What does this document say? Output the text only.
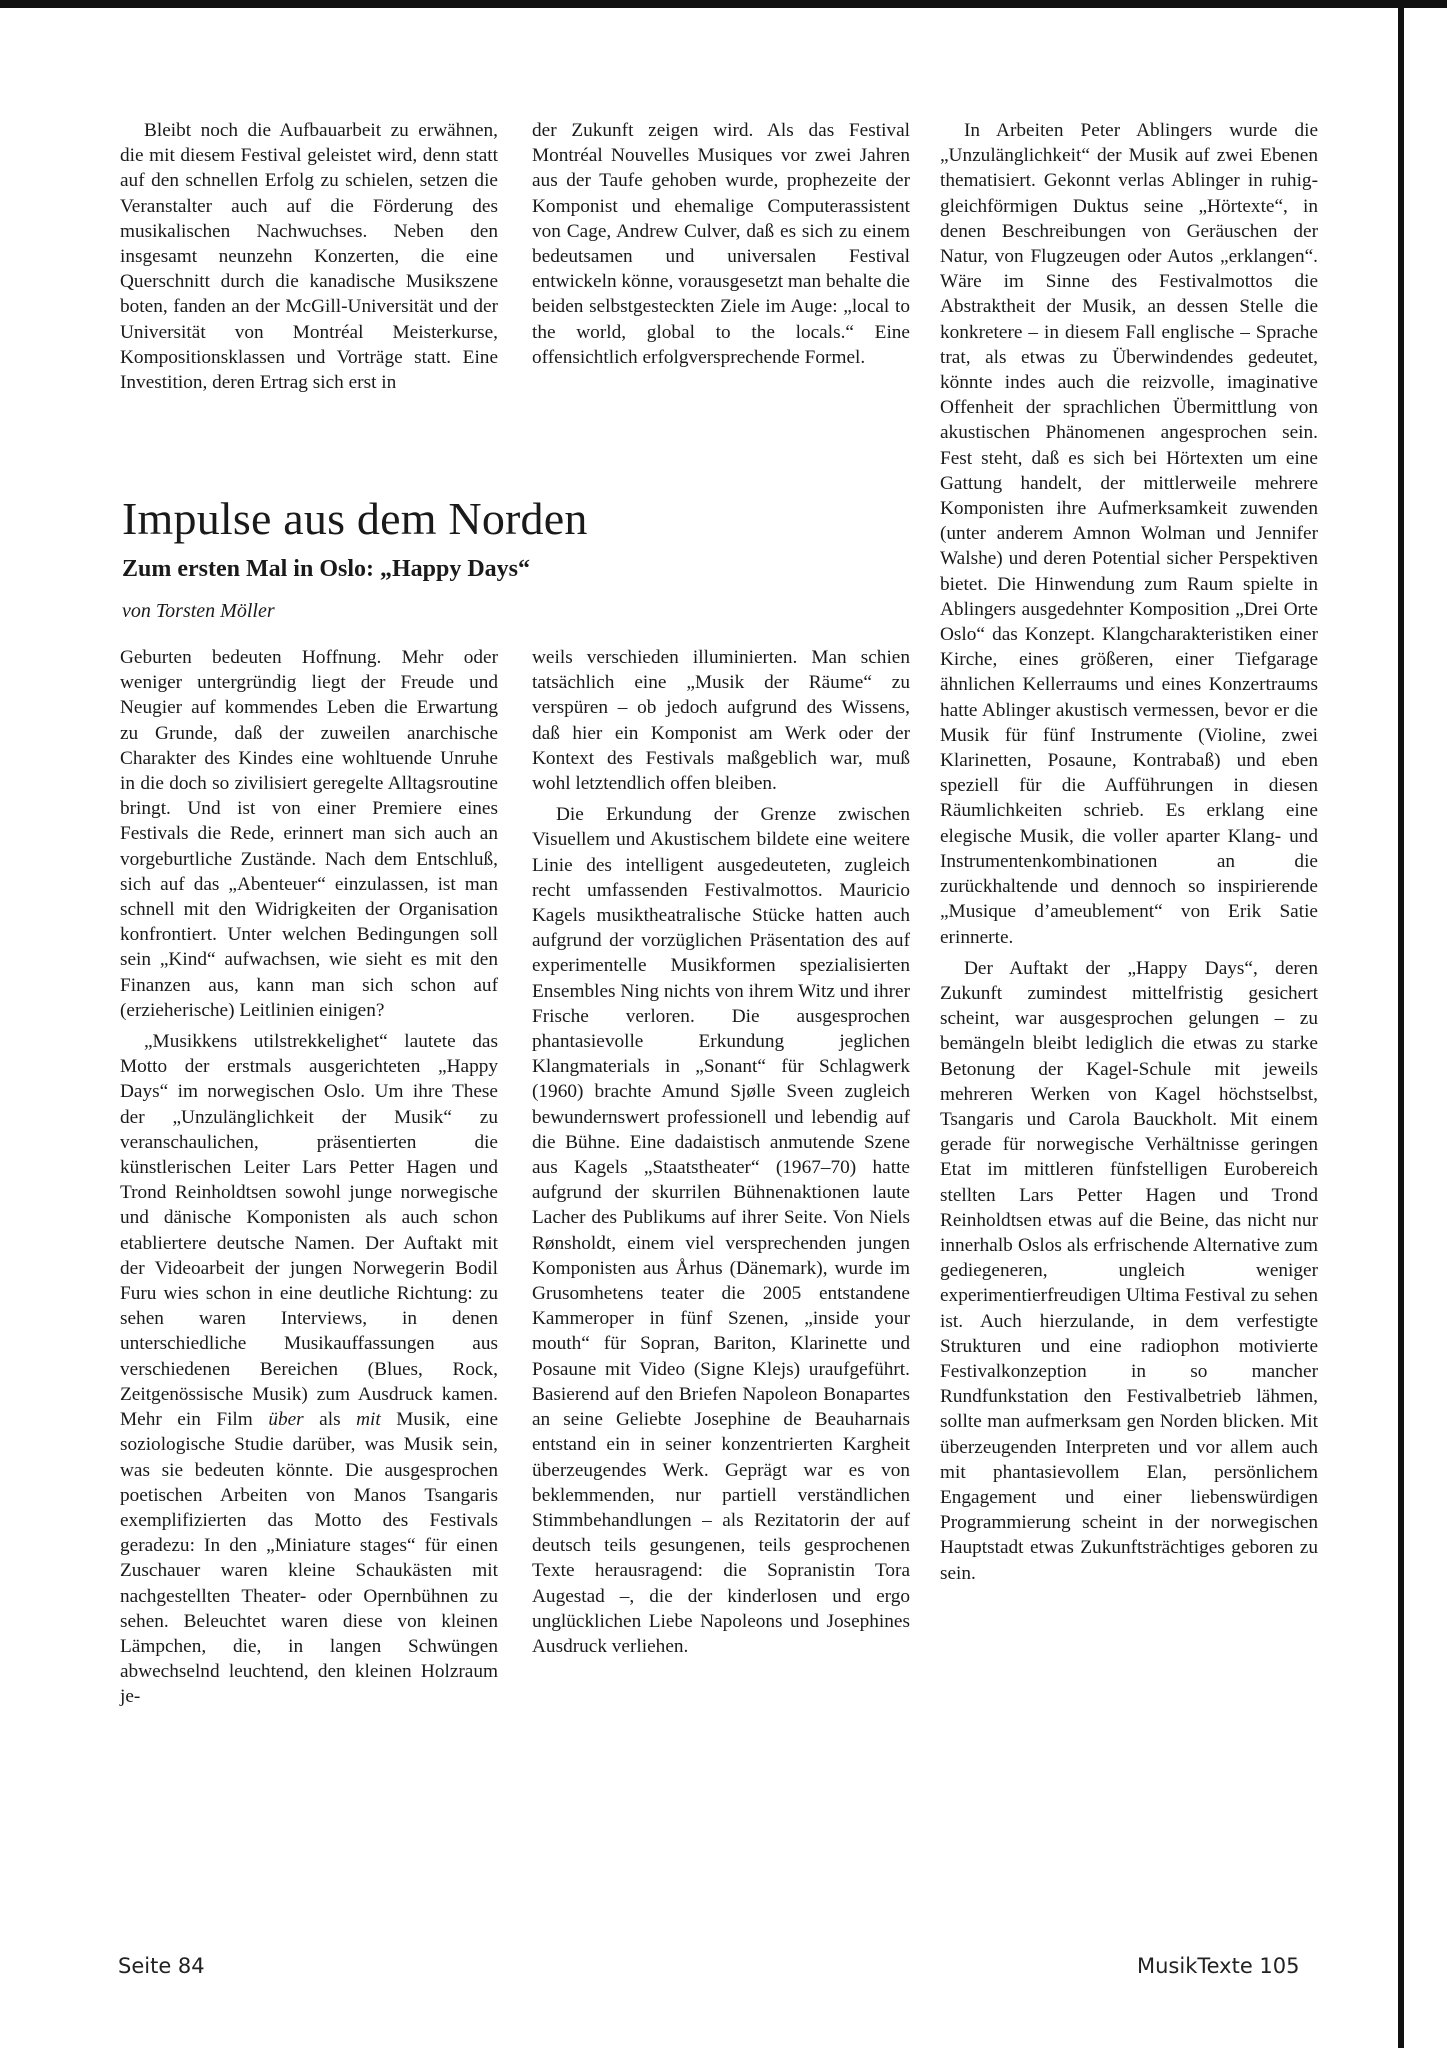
Bleibt noch die Aufbauarbeit zu erwähnen, die mit diesem Festival geleistet wird, denn statt auf den schnellen Erfolg zu schielen, setzen die Veranstalter auch auf die Förderung des musikalischen Nachwuchses. Neben den insgesamt neunzehn Konzerten, die eine Querschnitt durch die kanadische Musikszene boten, fanden an der McGill-Universität und der Universität von Montréal Meisterkurse, Kompositionsklassen und Vorträge statt. Eine Investition, deren Ertrag sich erst in

der Zukunft zeigen wird. Als das Festival Montréal Nouvelles Musiques vor zwei Jahren aus der Taufe gehoben wurde, prophezeite der Komponist und ehemalige Computerassistent von Cage, Andrew Culver, daß es sich zu einem bedeutsamen und universalen Festival entwickeln könne, vorausgesetzt man behalte die beiden selbstgesteckten Ziele im Auge: „local to the world, global to the locals.“ Eine offensichtlich erfolgversprechende Formel.

Impulse aus dem Norden
Zum ersten Mal in Oslo: „Happy Days“
von Torsten Möller

Geburten bedeuten Hoffnung. Mehr oder weniger untergründig liegt der Freude und Neugier auf kommendes Leben die Erwartung zu Grunde, daß der zuweilen anarchische Charakter des Kindes eine wohltuende Unruhe in die doch so zivilisiert geregelte Alltagsroutine bringt. Und ist von einer Premiere eines Festivals die Rede, erinnert man sich auch an vorgeburtliche Zustände. Nach dem Entschluß, sich auf das „Abenteuer“ einzulassen, ist man schnell mit den Widrigkeiten der Organisation konfrontiert. Unter welchen Bedingungen soll sein „Kind“ aufwachsen, wie sieht es mit den Finanzen aus, kann man sich schon auf (erzieherische) Leitlinien einigen?

„Musikkens utilstrekkelighet“ lautete das Motto der erstmals ausgerichteten „Happy Days“ im norwegischen Oslo. Um ihre These der „Unzulänglichkeit der Musik“ zu veranschaulichen, präsentierten die künstlerischen Leiter Lars Petter Hagen und Trond Reinholdtsen sowohl junge norwegische und dänische Komponisten als auch schon etabliertere deutsche Namen. Der Auftakt mit der Videoarbeit der jungen Norwegerin Bodil Furu wies schon in eine deutliche Richtung: zu sehen waren Interviews, in denen unterschiedliche Musikauffassungen aus verschiedenen Bereichen (Blues, Rock, Zeitgenössische Musik) zum Ausdruck kamen. Mehr ein Film über als mit Musik, eine soziologische Studie darüber, was Musik sein, was sie bedeuten könnte. Die ausgesprochen poetischen Arbeiten von Manos Tsangaris exemplifizierten das Motto des Festivals geradezu: In den „Miniature stages“ für einen Zuschauer waren kleine Schaukästen mit nachgestellten Theater- oder Opernbühnen zu sehen. Beleuchtet waren diese von kleinen Lämpchen, die, in langen Schwüngen abwechselnd leuchtend, den kleinen Holzraum je-

weils verschieden illuminierten. Man schien tatsächlich eine „Musik der Räume“ zu verspüren – ob jedoch aufgrund des Wissens, daß hier ein Komponist am Werk oder der Kontext des Festivals maßgeblich war, muß wohl letztendlich offen bleiben.

Die Erkundung der Grenze zwischen Visuellem und Akustischem bildete eine weitere Linie des intelligent ausgedeuteten, zugleich recht umfassenden Festivalmottos. Mauricio Kagels musiktheatralische Stücke hatten auch aufgrund der vorzüglichen Präsentation des auf experimentelle Musikformen spezialisierten Ensembles Ning nichts von ihrem Witz und ihrer Frische verloren. Die ausgesprochen phantasievolle Erkundung jeglichen Klangmaterials in „Sonant“ für Schlagwerk (1960) brachte Amund Sjølle Sveen zugleich bewundernswert professionell und lebendig auf die Bühne. Eine dadaistisch anmutende Szene aus Kagels „Staatstheater“ (1967–70) hatte aufgrund der skurrilen Bühnenaktionen laute Lacher des Publikums auf ihrer Seite. Von Niels Rønsholdt, einem viel versprechenden jungen Komponisten aus Århus (Dänemark), wurde im Grusomhetens teater die 2005 entstandene Kammeroper in fünf Szenen, „inside your mouth“ für Sopran, Bariton, Klarinette und Posaune mit Video (Signe Klejs) uraufgeführt. Basierend auf den Briefen Napoleon Bonapartes an seine Geliebte Josephine de Beauharnais entstand ein in seiner konzentrierten Kargheit überzeugendes Werk. Geprägt war es von beklemmenden, nur partiell verständlichen Stimmbehandlungen – als Rezitatorin der auf deutsch teils gesungenen, teils gesprochenen Texte herausragend: die Sopranistin Tora Augestad –, die der kinderlosen und ergo unglücklichen Liebe Napoleons und Josephines Ausdruck verliehen.

In Arbeiten Peter Ablingers wurde die „Unzulänglichkeit“ der Musik auf zwei Ebenen thematisiert. Gekonnt verlas Ablinger in ruhig-gleichförmigen Duktus seine „Hörtexte“, in denen Beschreibungen von Geräuschen der Natur, von Flugzeugen oder Autos „erklangen“. Wäre im Sinne des Festivalmottos die Abstraktheit der Musik, an dessen Stelle die konkretere – in diesem Fall englische – Sprache trat, als etwas zu Überwindendes gedeutet, könnte indes auch die reizvolle, imaginative Offenheit der sprachlichen Übermittlung von akustischen Phänomenen angesprochen sein. Fest steht, daß es sich bei Hörtexten um eine Gattung handelt, der mittlerweile mehrere Komponisten ihre Aufmerksamkeit zuwenden (unter anderem Amnon Wolman und Jennifer Walshe) und deren Potential sicher Perspektiven bietet. Die Hinwendung zum Raum spielte in Ablingers ausgedehnter Komposition „Drei Orte Oslo“ das Konzept. Klangcharakteristiken einer Kirche, eines größeren, einer Tiefgarage ähnlichen Kellerraums und eines Konzertraums hatte Ablinger akustisch vermessen, bevor er die Musik für fünf Instrumente (Violine, zwei Klarinetten, Posaune, Kontrabaß) und eben speziell für die Aufführungen in diesen Räumlichkeiten schrieb. Es erklang eine elegische Musik, die voller aparter Klang- und Instrumentenkombinationen an die zurückhaltende und dennoch so inspirierende „Musique d’ameublement“ von Erik Satie erinnerte.

Der Auftakt der „Happy Days“, deren Zukunft zumindest mittelfristig gesichert scheint, war ausgesprochen gelungen – zu bemängeln bleibt lediglich die etwas zu starke Betonung der Kagel-Schule mit jeweils mehreren Werken von Kagel höchstselbst, Tsangaris und Carola Bauckholt. Mit einem gerade für norwegische Verhältnisse geringen Etat im mittleren fünfstelligen Eurobereich stellten Lars Petter Hagen und Trond Reinholdtsen etwas auf die Beine, das nicht nur innerhalb Oslos als erfrischende Alternative zum gediegeneren, ungleich weniger experimentierfreudigen Ultima Festival zu sehen ist. Auch hierzulande, in dem verfestigte Strukturen und eine radiophon motivierte Festivalkonzeption in so mancher Rundfunkstation den Festivalbetrieb lähmen, sollte man aufmerksam gen Norden blicken. Mit überzeugenden Interpreten und vor allem auch mit phantasievollem Elan, persönlichem Engagement und einer liebenswürdigen Programmierung scheint in der norwegischen Hauptstadt etwas Zukunftsträchtiges geboren zu sein.

Seite 84	MusikTexte 105
